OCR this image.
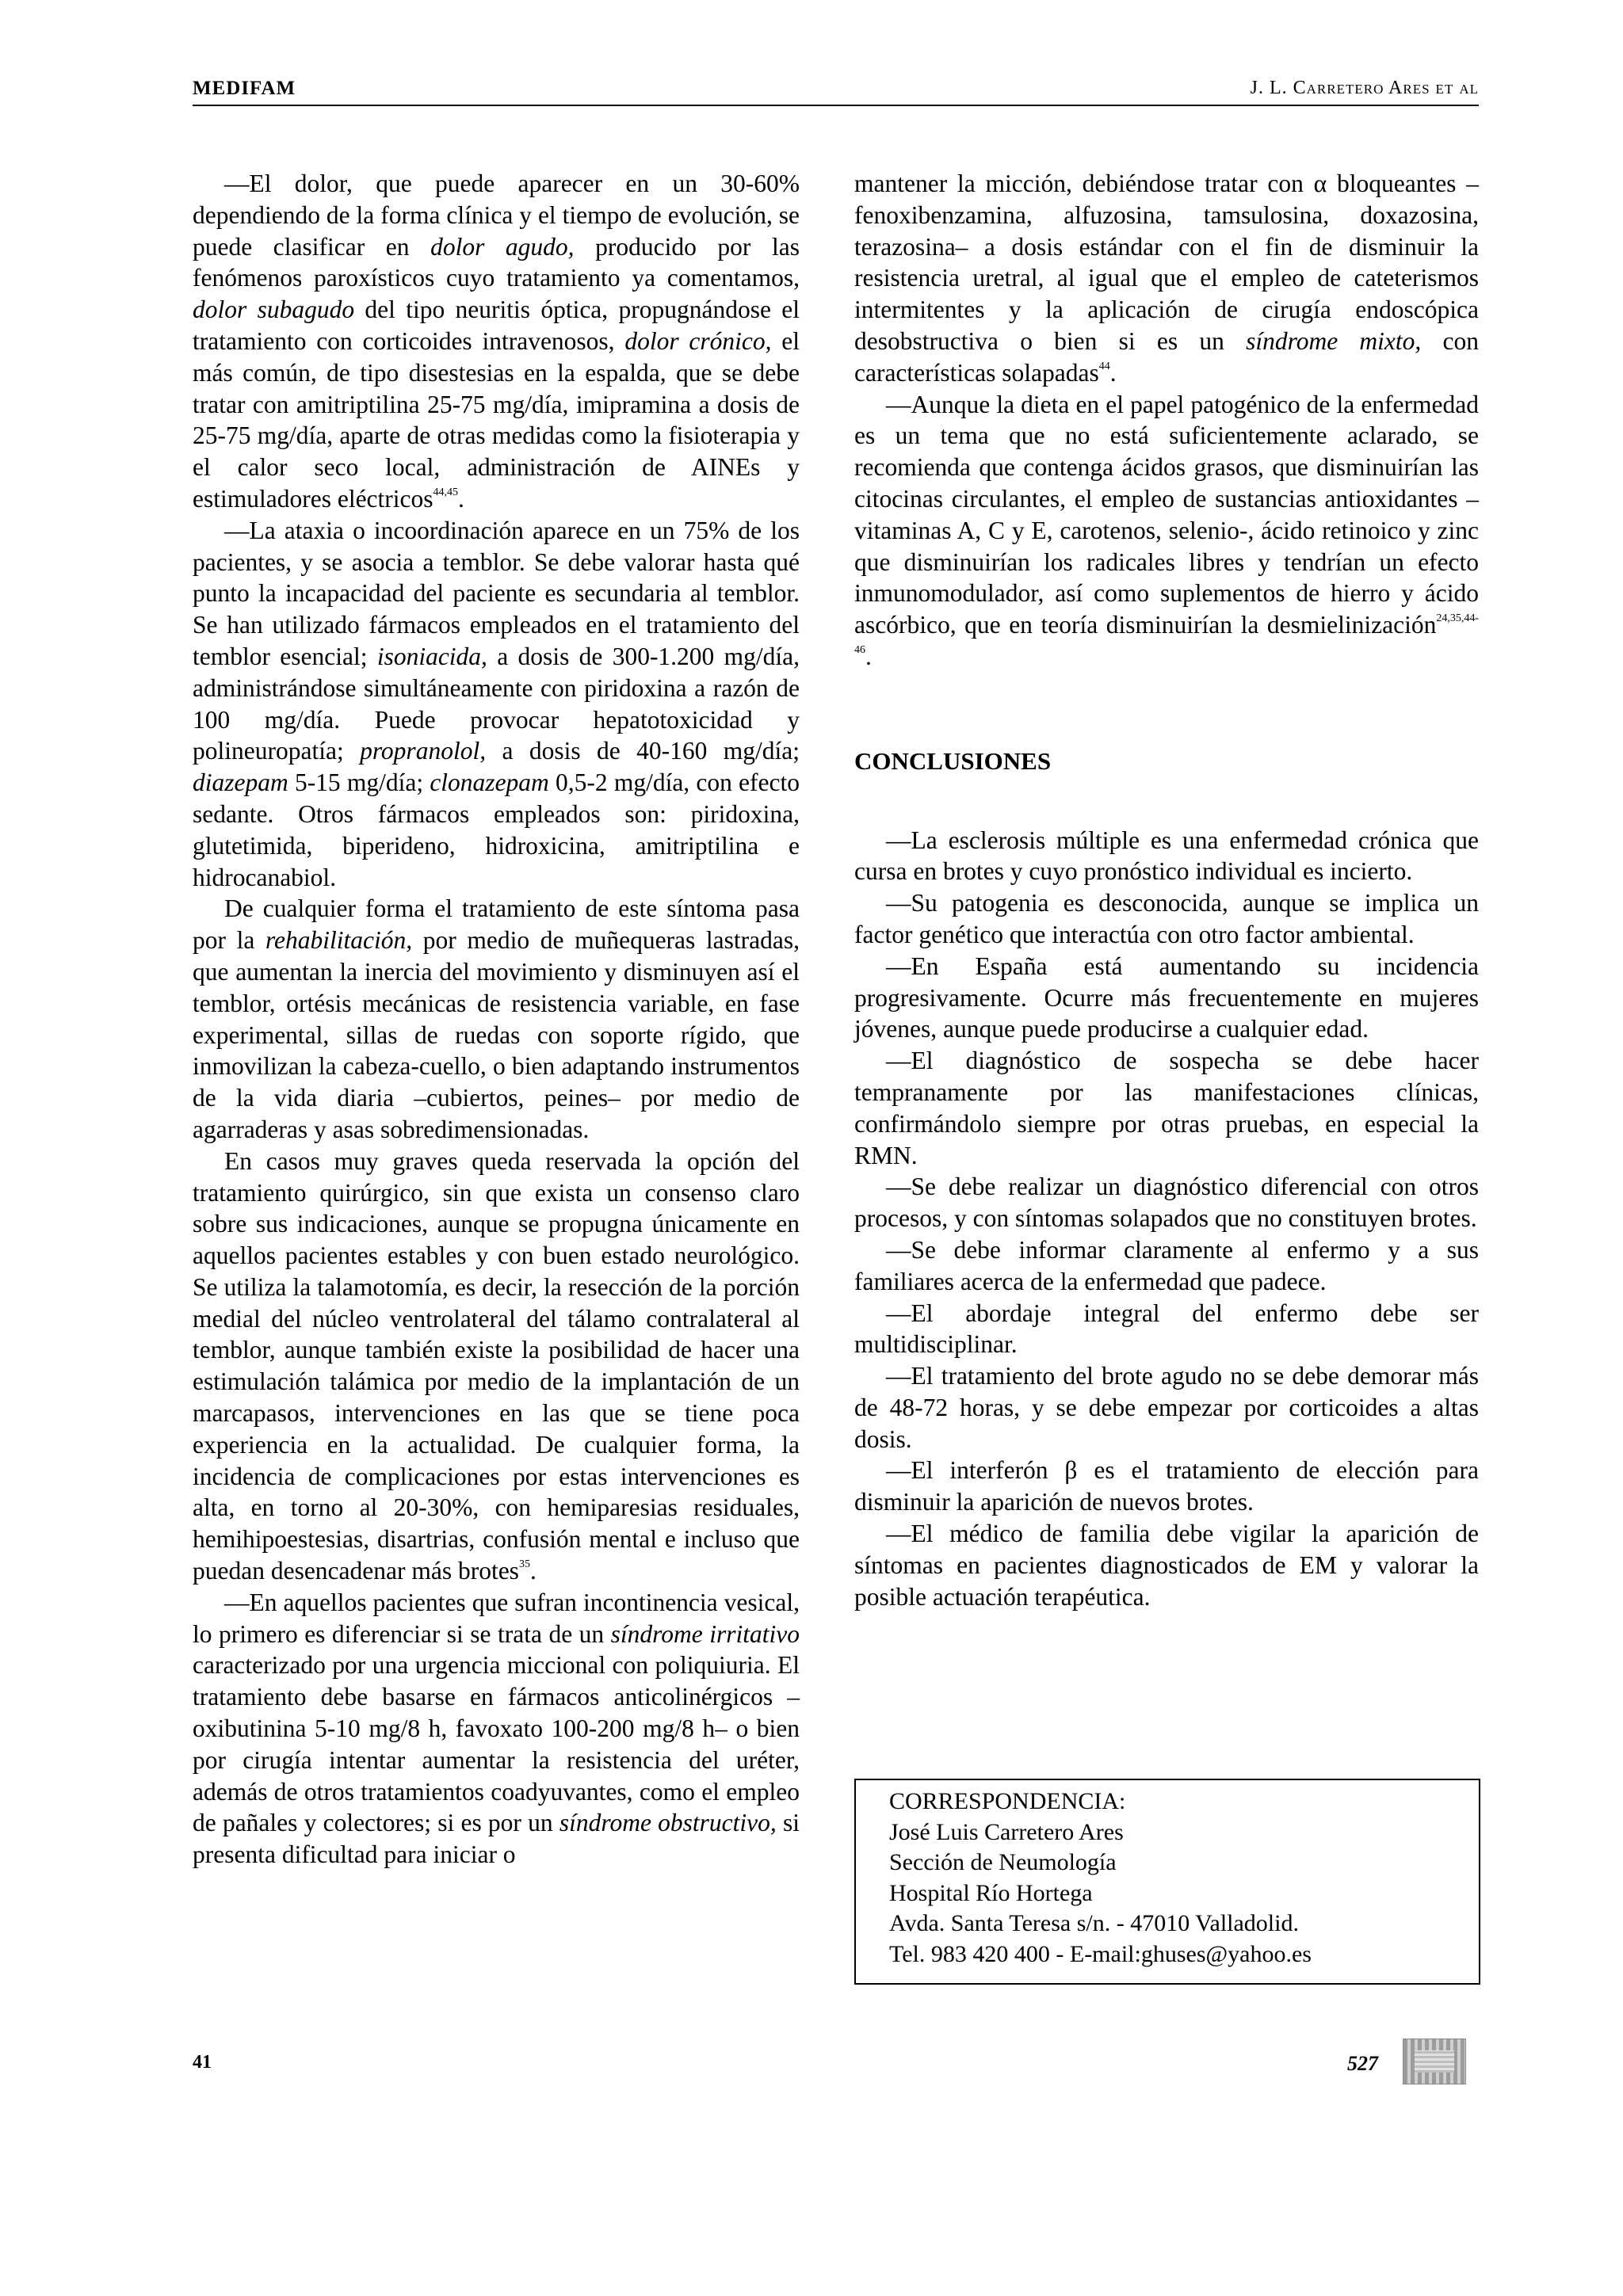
MEDIFAM	J. L. Carretero Ares et al

—El dolor, que puede aparecer en un 30-60% dependiendo de la forma clínica y el tiempo de evolución, se puede clasificar en dolor agudo, producido por las fenómenos paroxísticos cuyo tratamiento ya comentamos, dolor subagudo del tipo neuritis óptica, propugnándose el tratamiento con corticoides intravenosos, dolor crónico, el más común, de tipo disestesias en la espalda, que se debe tratar con amitriptilina 25-75 mg/día, imipramina a dosis de 25-75 mg/día, aparte de otras medidas como la fisioterapia y el calor seco local, administración de AINEs y estimuladores eléctricos$^{44,45}$.

—La ataxia o incoordinación aparece en un 75% de los pacientes, y se asocia a temblor. Se debe valorar hasta qué punto la incapacidad del paciente es secundaria al temblor. Se han utilizado fármacos empleados en el tratamiento del temblor esencial; isoniacida, a dosis de 300-1.200 mg/día, administrándose simultáneamente con piridoxina a razón de 100 mg/día. Puede provocar hepatotoxicidad y polineuropatía; propranolol, a dosis de 40-160 mg/día; diazepam 5-15 mg/día; clonazepam 0,5-2 mg/día, con efecto sedante. Otros fármacos empleados son: piridoxina, glutetimida, biperideno, hidroxicina, amitriptilina e hidrocanabiol.

De cualquier forma el tratamiento de este síntoma pasa por la rehabilitación, por medio de muñequeras lastradas, que aumentan la inercia del movimiento y disminuyen así el temblor, ortésis mecánicas de resistencia variable, en fase experimental, sillas de ruedas con soporte rígido, que inmovilizan la cabeza-cuello, o bien adaptando instrumentos de la vida diaria –cubiertos, peines– por medio de agarraderas y asas sobredimensionadas.

En casos muy graves queda reservada la opción del tratamiento quirúrgico, sin que exista un consenso claro sobre sus indicaciones, aunque se propugna únicamente en aquellos pacientes estables y con buen estado neurológico. Se utiliza la talamotomía, es decir, la resección de la porción medial del núcleo ventrolateral del tálamo contralateral al temblor, aunque también existe la posibilidad de hacer una estimulación talámica por medio de la implantación de un marcapasos, intervenciones en las que se tiene poca experiencia en la actualidad. De cualquier forma, la incidencia de complicaciones por estas intervenciones es alta, en torno al 20-30%, con hemiparesias residuales, hemihipoestesias, disartrias, confusión mental e incluso que puedan desencadenar más brotes$^{35}$.

—En aquellos pacientes que sufran incontinencia vesical, lo primero es diferenciar si se trata de un síndrome irritativo caracterizado por una urgencia miccional con poliquiuria. El tratamiento debe basarse en fármacos anticolinérgicos –oxibutinina 5-10 mg/8 h, favoxato 100-200 mg/8 h– o bien por cirugía intentar aumentar la resistencia del uréter, además de otros tratamientos coadyuvantes, como el empleo de pañales y colectores; si es por un síndrome obstructivo, si presenta dificultad para iniciar o

mantener la micción, debiéndose tratar con α bloqueantes –fenoxibenzamina, alfuzosina, tamsulosina, doxazosina, terazosina– a dosis estándar con el fin de disminuir la resistencia uretral, al igual que el empleo de cateterismos intermitentes y la aplicación de cirugía endoscópica desobstructiva o bien si es un síndrome mixto, con características solapadas$^{44}$.

—Aunque la dieta en el papel patogénico de la enfermedad es un tema que no está suficientemente aclarado, se recomienda que contenga ácidos grasos, que disminuirían las citocinas circulantes, el empleo de sustancias antioxidantes –vitaminas A, C y E, carotenos, selenio-, ácido retinoico y zinc que disminuirían los radicales libres y tendrían un efecto inmunomodulador, así como suplementos de hierro y ácido ascórbico, que en teoría disminuirían la desmielinización$^{24,35,44-46}$.

CONCLUSIONES

—La esclerosis múltiple es una enfermedad crónica que cursa en brotes y cuyo pronóstico individual es incierto.

—Su patogenia es desconocida, aunque se implica un factor genético que interactúa con otro factor ambiental.

—En España está aumentando su incidencia progresivamente. Ocurre más frecuentemente en mujeres jóvenes, aunque puede producirse a cualquier edad.

—El diagnóstico de sospecha se debe hacer tempranamente por las manifestaciones clínicas, confirmándolo siempre por otras pruebas, en especial la RMN.

—Se debe realizar un diagnóstico diferencial con otros procesos, y con síntomas solapados que no constituyen brotes.

—Se debe informar claramente al enfermo y a sus familiares acerca de la enfermedad que padece.

—El abordaje integral del enfermo debe ser multidisciplinar.

—El tratamiento del brote agudo no se debe demorar más de 48-72 horas, y se debe empezar por corticoides a altas dosis.

—El interferón β es el tratamiento de elección para disminuir la aparición de nuevos brotes.

—El médico de familia debe vigilar la aparición de síntomas en pacientes diagnosticados de EM y valorar la posible actuación terapéutica.

CORRESPONDENCIA:
José Luis Carretero Ares
Sección de Neumología
Hospital Río Hortega
Avda. Santa Teresa s/n. - 47010 Valladolid.
Tel. 983 420 400 - E-mail:ghuses@yahoo.es
41	527
